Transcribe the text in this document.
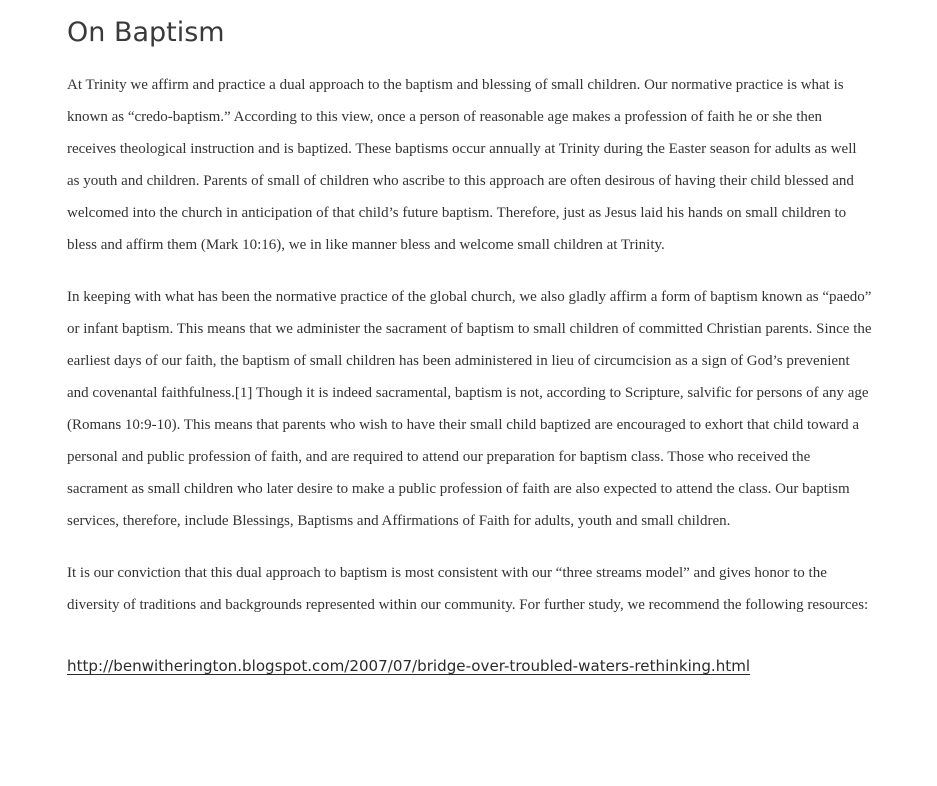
On Baptism

At Trinity we affirm and practice a dual approach to the baptism and blessing of small children. Our normative practice is what is known as “credo-baptism.” According to this view, once a person of reasonable age makes a profession of faith he or she then receives theological instruction and is baptized. These baptisms occur annually at Trinity during the Easter season for adults as well as youth and children. Parents of small of children who ascribe to this approach are often desirous of having their child blessed and welcomed into the church in anticipation of that child’s future baptism. Therefore, just as Jesus laid his hands on small children to bless and affirm them (Mark 10:16), we in like manner bless and welcome small children at Trinity.

In keeping with what has been the normative practice of the global church, we also gladly affirm a form of baptism known as “paedo” or infant baptism. This means that we administer the sacrament of baptism to small children of committed Christian parents. Since the earliest days of our faith, the baptism of small children has been administered in lieu of circumcision as a sign of God’s prevenient and covenantal faithfulness.[1] Though it is indeed sacramental, baptism is not, according to Scripture, salvific for persons of any age (Romans 10:9-10). This means that parents who wish to have their small child baptized are encouraged to exhort that child toward a personal and public profession of faith, and are required to attend our preparation for baptism class. Those who received the sacrament as small children who later desire to make a public profession of faith are also expected to attend the class. Our baptism services, therefore, include Blessings, Baptisms and Affirmations of Faith for adults, youth and small children.

It is our conviction that this dual approach to baptism is most consistent with our “three streams model” and gives honor to the diversity of traditions and backgrounds represented within our community. For further study, we recommend the following resources:

http://benwitherington.blogspot.com/2007/07/bridge-over-troubled-waters-rethinking.html
